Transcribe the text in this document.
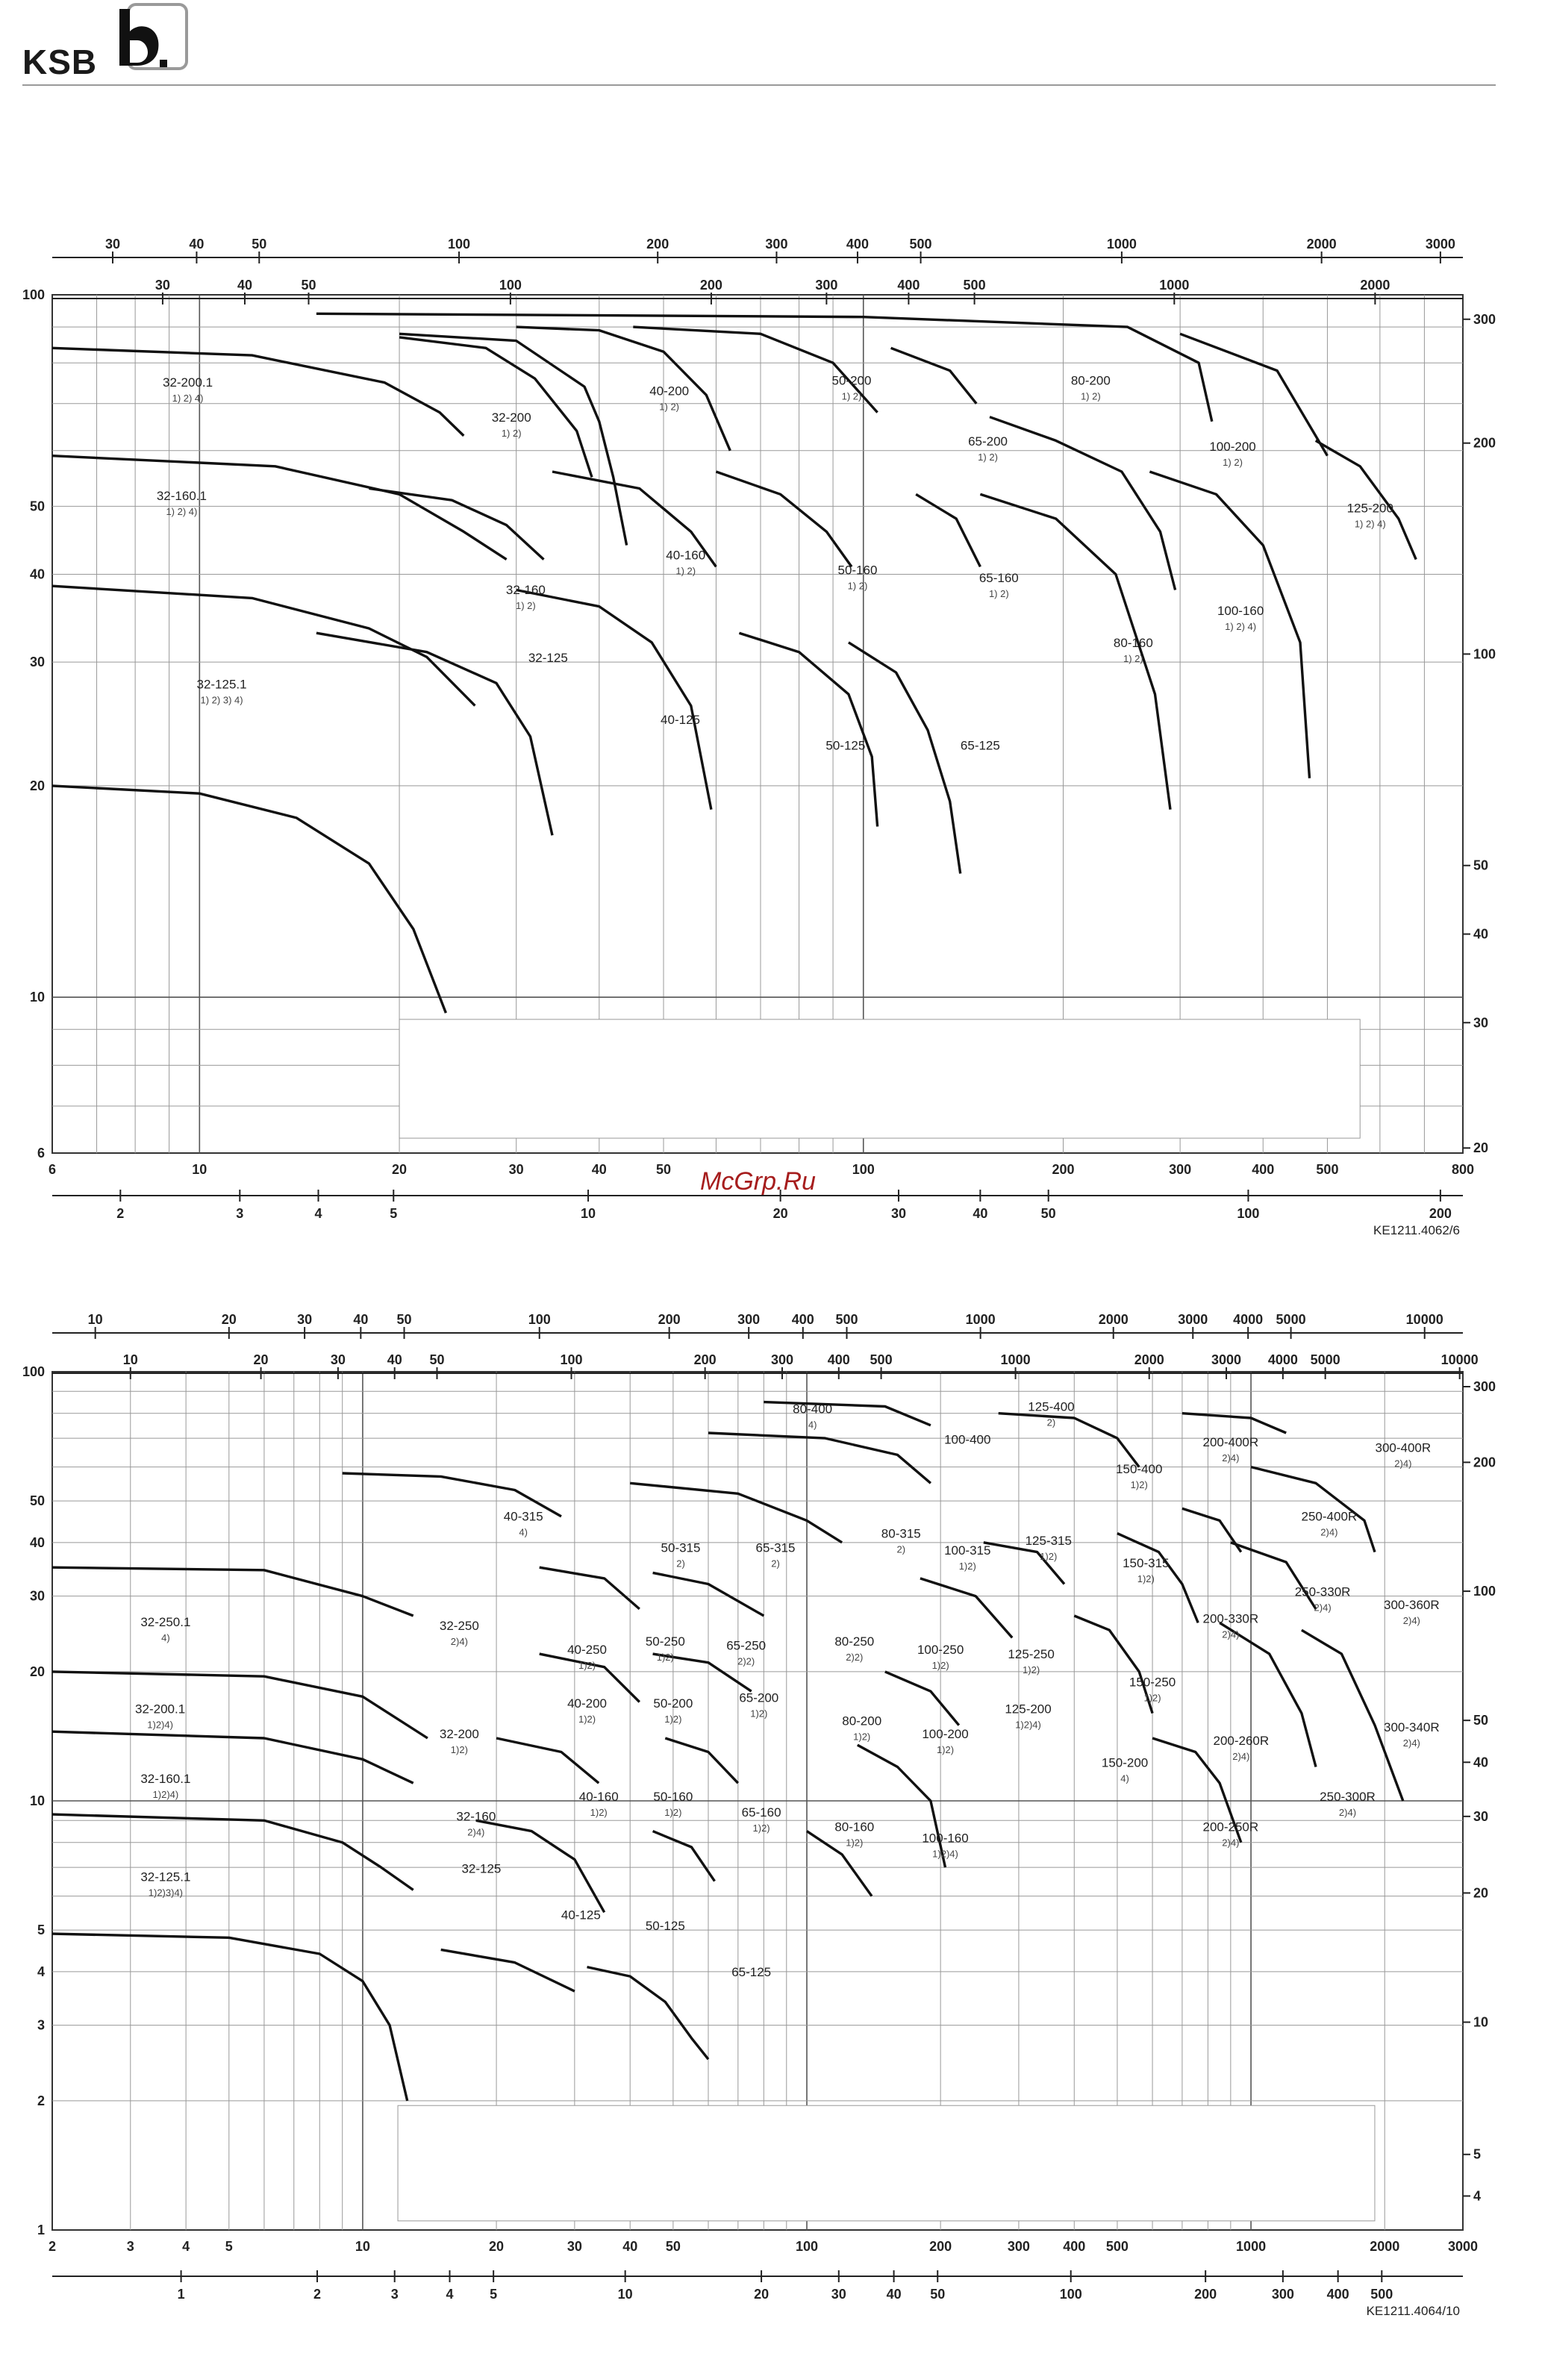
KSB
32-200.1
1) 2) 4)
32-160.1
1) 2) 4)
32-125.1
1) 2) 3) 4)
32-200
1) 2)
32-160
1) 2)
32-125
40-200
1) 2)
40-160
1) 2)
40-125
50-200
1) 2)
50-160
1) 2)
50-125
65-200
1) 2)
65-160
1) 2)
65-125
80-200
1) 2)
80-160
1) 2)
100-200
1) 2)
100-160
1) 2) 4)
125-200
1) 2) 4)
6	10	20	30	40	50	100	200	300	400	500	800
6
10
20
30
40
50
100
30	40	50	100	200	300	400	500	1000	2000	3000
30	40	50	100	200	300	400	500	1000	2000
2	3	4	5	10	20	30	40	50	100	200
20
30
40
50
100
200
300
KE1211.4062/6
32-250.1
4)
32-200.1
1)2)4)
32-160.1
1)2)4)
32-125.1
1)2)3)4)
40-315
4)
32-250
2)4)
40-250
1)2)
32-200
1)2)
40-200
1)2)
32-160
2)4)
40-160
1)2)
32-125
40-125
50-315
2)
50-250
1)2)
50-200
1)2)
50-160
1)2)
50-125
65-315
2)
65-250
2)2)
65-200
1)2)
65-160
1)2)
65-125
80-400
4)
80-315
2)
80-250
2)2)
80-200
1)2)
80-160
1)2)
100-400
100-315
1)2)
100-250
1)2)
100-200
1)2)
100-160
1)2)4)
125-400
2)
125-315
1)2)
125-250
1)2)
125-200
1)2)4)
150-400
1)2)
150-315
1)2)
150-250
1)2)
150-200
4)
200-400R
2)4)
200-330R
2)4)
200-260R
2)4)
200-250R
2)4)
250-400R
2)4)
250-330R
2)4)
250-300R
2)4)
300-400R
2)4)
300-360R
2)4)
300-340R
2)4)
2	3	4	5	10	20	30	40 50	100	200	300 400 500	1000	2000	3000
1
2
3
4
5
10
20
30
40
50
100
10	20	30	40 50	100	200	300 400 500	1000	2000	3000 4000 5000	10000
10	20	30	40 50	100	200	300	400 500	1000	2000	3000 4000 5000	10000
1	2	3	4	5	10	20	30	40 50	100	200	300 400 500
4
5
10
20
30
40
50
100
200
300
KE1211.4064/10
McGrp.Ru
